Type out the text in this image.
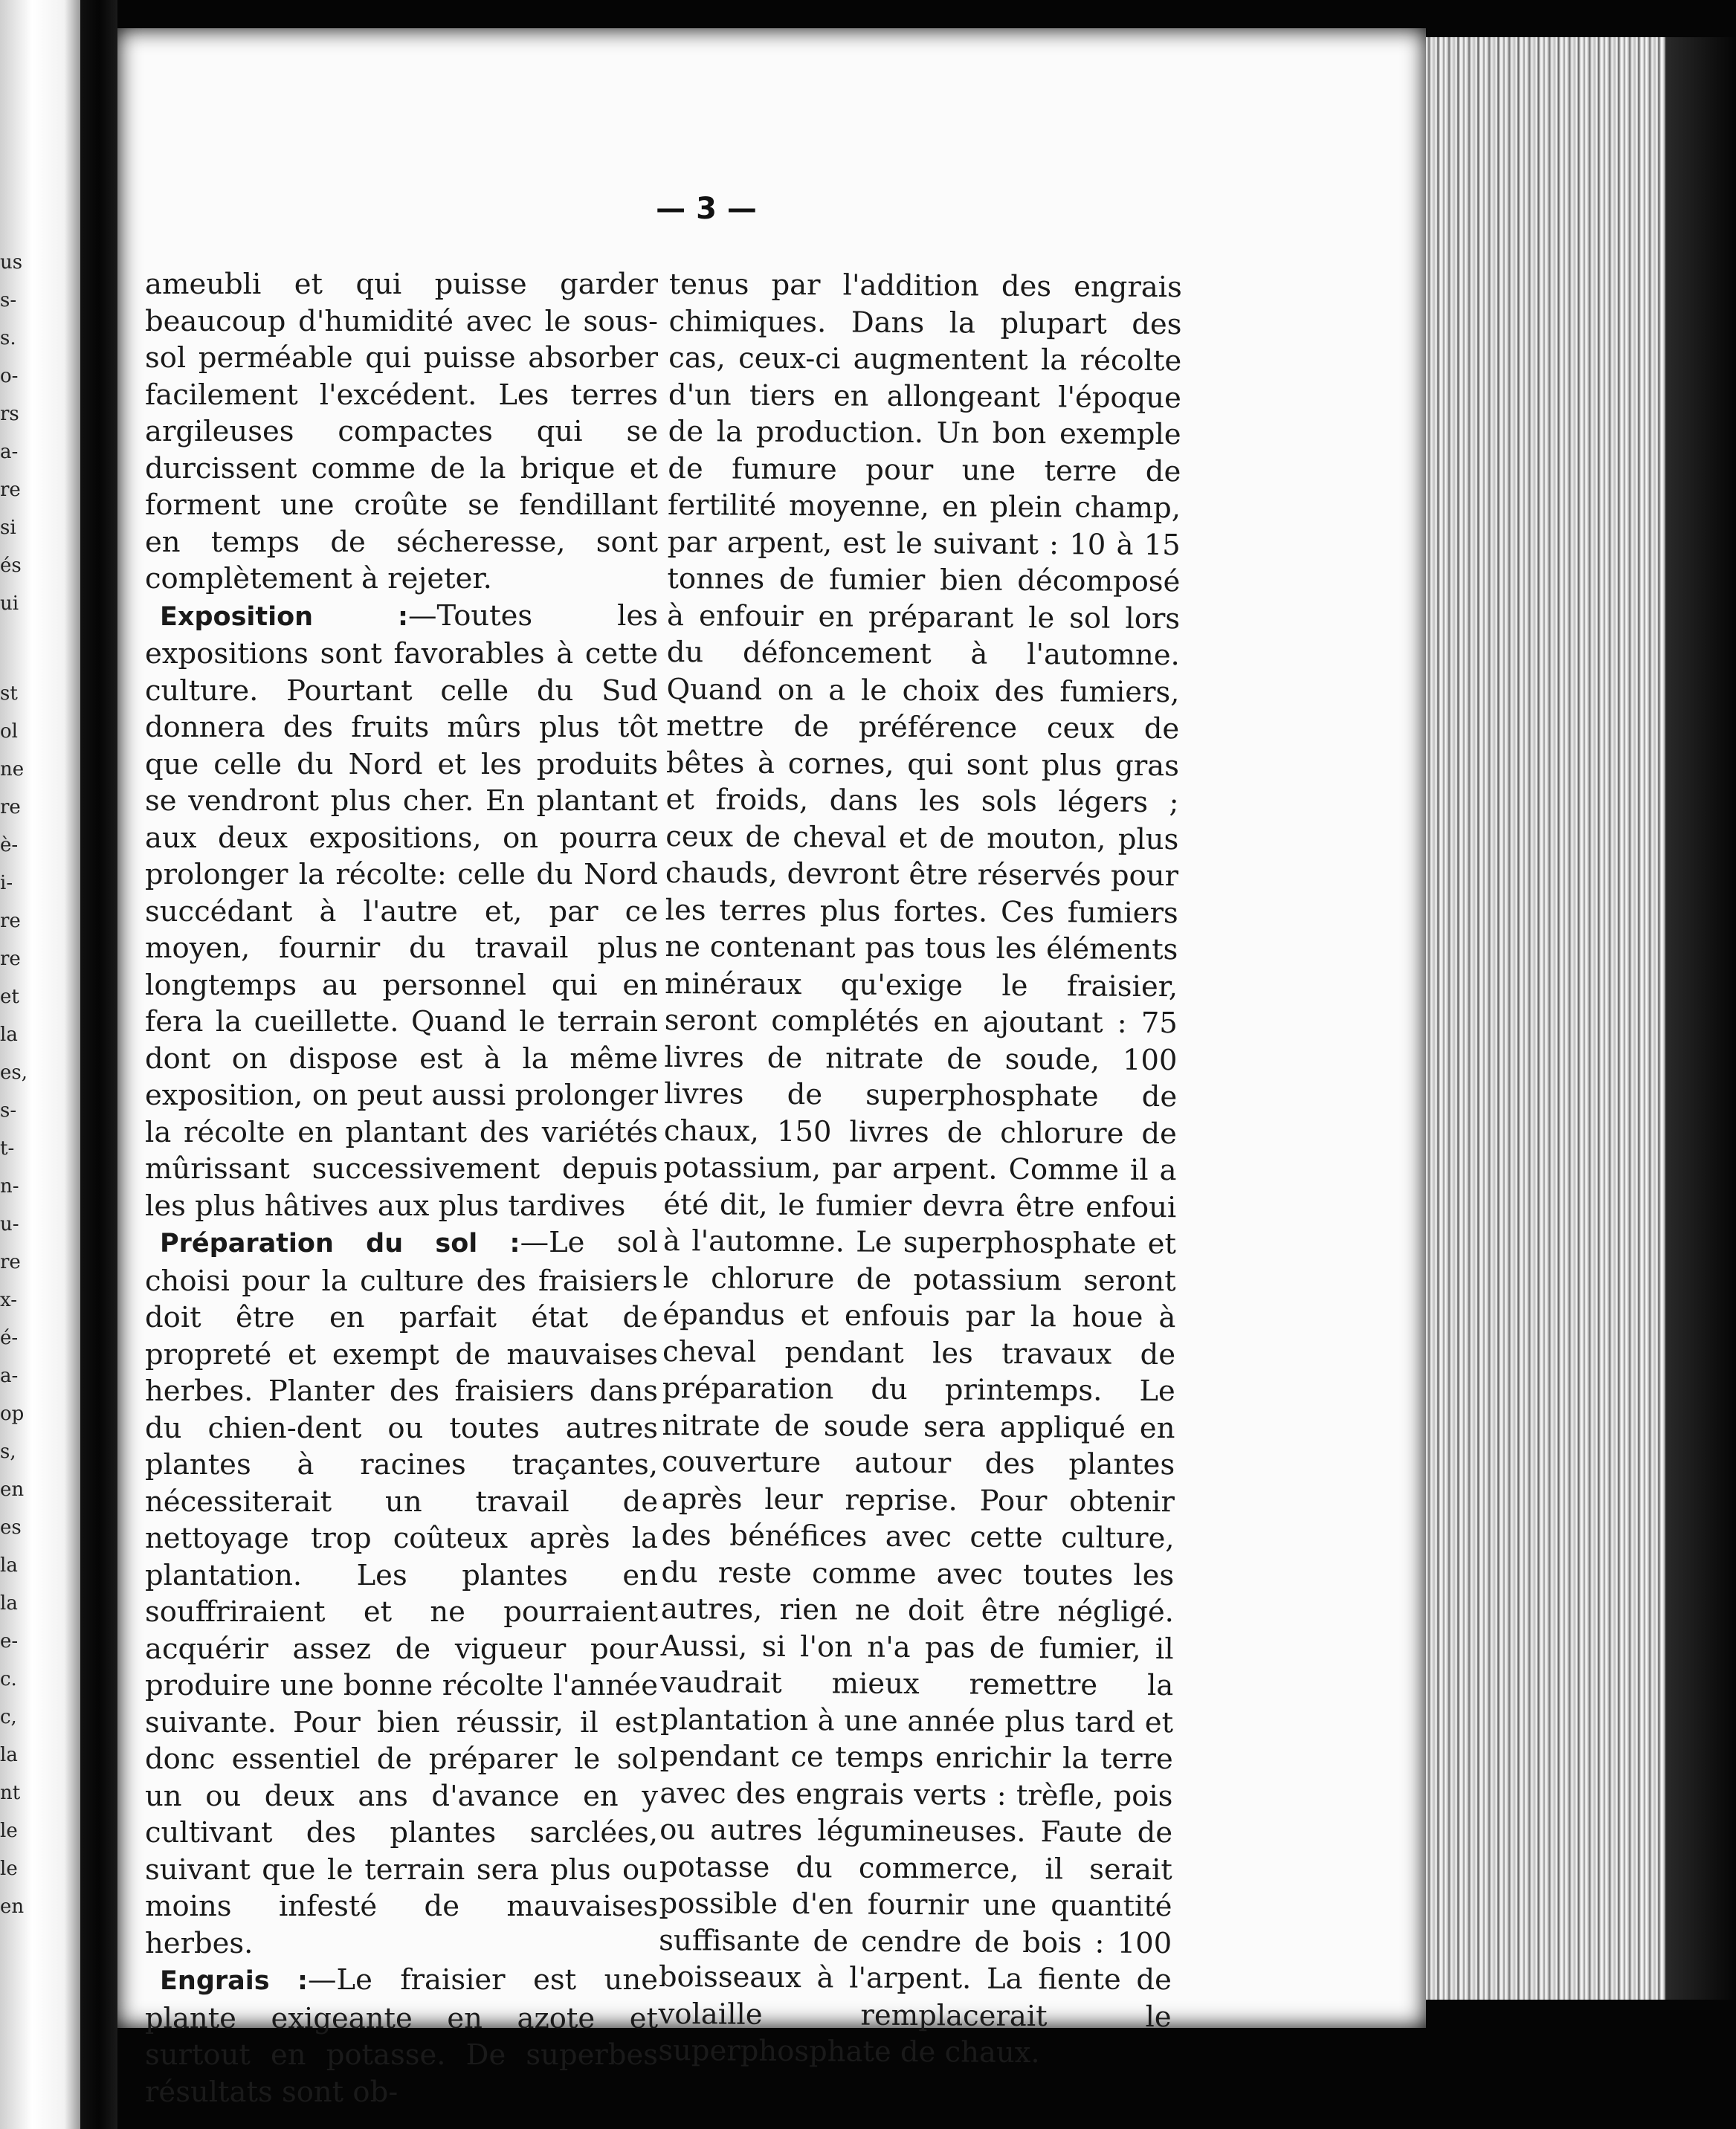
us
s-
s.
o-
rs
a-
re
si
és
ui
st
ol
ne
re
è-
i-
re
re
et
la
es,
s-
t-
n-
u-
re
x-
é-
a-
op
s,
en
es
la
la
e-
c.
c,
la
nt
le
le
en
— 3 —

ameubli et qui puisse garder beaucoup d'humidité avec le sous-sol perméable qui puisse absorber facilement l'excédent. Les terres argileuses compactes qui se durcissent comme de la brique et forment une croûte se fendillant en temps de sécheresse, sont complètement à rejeter.

Exposition :—Toutes les expositions sont favorables à cette culture. Pourtant celle du Sud donnera des fruits mûrs plus tôt que celle du Nord et les produits se vendront plus cher. En plantant aux deux expositions, on pourra prolonger la récolte: celle du Nord succédant à l'autre et, par ce moyen, fournir du travail plus longtemps au personnel qui en fera la cueillette. Quand le terrain dont on dispose est à la même exposition, on peut aussi prolonger la récolte en plantant des variétés mûrissant successivement depuis les plus hâtives aux plus tardives

Préparation du sol :—Le sol choisi pour la culture des fraisiers doit être en parfait état de propreté et exempt de mauvaises herbes. Planter des fraisiers dans du chien-dent ou toutes autres plantes à racines traçantes, nécessiterait un travail de nettoyage trop coûteux après la plantation. Les plantes en souffriraient et ne pourraient acquérir assez de vigueur pour produire une bonne récolte l'année suivante. Pour bien réussir, il est donc essentiel de préparer le sol un ou deux ans d'avance en y cultivant des plantes sarclées, suivant que le terrain sera plus ou moins infesté de mauvaises herbes.

Engrais :—Le fraisier est une plante exigeante en azote et surtout en potasse. De superbes résultats sont ob-

tenus par l'addition des engrais chimiques. Dans la plupart des cas, ceux-ci augmentent la récolte d'un tiers en allongeant l'époque de la production. Un bon exemple de fumure pour une terre de fertilité moyenne, en plein champ, par arpent, est le suivant : 10 à 15 tonnes de fumier bien décomposé à enfouir en préparant le sol lors du défoncement à l'automne. Quand on a le choix des fumiers, mettre de préférence ceux de bêtes à cornes, qui sont plus gras et froids, dans les sols légers ; ceux de cheval et de mouton, plus chauds, devront être réservés pour les terres plus fortes. Ces fumiers ne contenant pas tous les éléments minéraux qu'exige le fraisier, seront complétés en ajoutant : 75 livres de nitrate de soude, 100 livres de superphosphate de chaux, 150 livres de chlorure de potassium, par arpent. Comme il a été dit, le fumier devra être enfoui à l'automne. Le superphosphate et le chlorure de potassium seront épandus et enfouis par la houe à cheval pendant les travaux de préparation du printemps. Le nitrate de soude sera appliqué en couverture autour des plantes après leur reprise. Pour obtenir des bénéfices avec cette culture, du reste comme avec toutes les autres, rien ne doit être négligé. Aussi, si l'on n'a pas de fumier, il vaudrait mieux remettre la plantation à une année plus tard et pendant ce temps enrichir la terre avec des engrais verts : trèfle, pois ou autres légumineuses. Faute de potasse du commerce, il serait possible d'en fournir une quantité suffisante de cendre de bois : 100 boisseaux à l'arpent. La fiente de volaille remplacerait le superphosphate de chaux.
